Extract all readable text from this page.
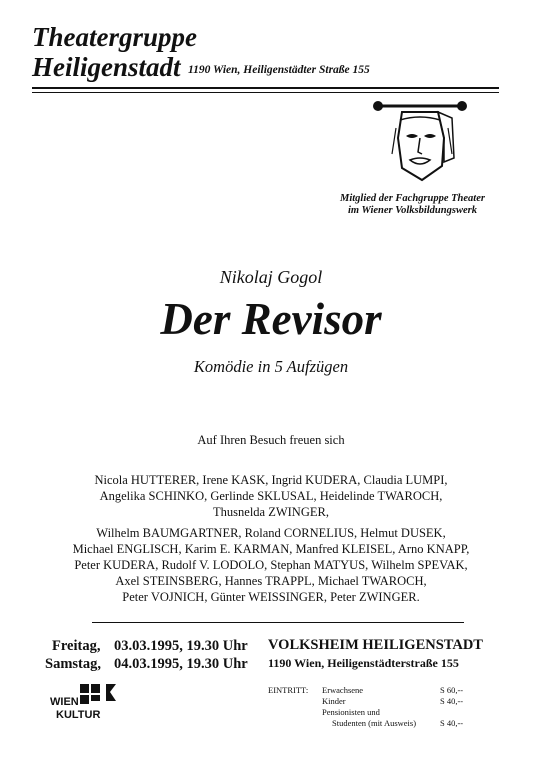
Theatergruppe
Heiligenstadt 1190 Wien, Heiligenstädter Straße 155
Mitglied der Fachgruppe Theater
im Wiener Volksbildungswerk
Nikolaj Gogol
Der Revisor
Komödie in 5 Aufzügen
Auf Ihren Besuch freuen sich
Nicola HUTTERER, Irene KASK, Ingrid KUDERA, Claudia LUMPI,
Angelika SCHINKO, Gerlinde SKLUSAL, Heidelinde TWAROCH,
Thusnelda ZWINGER,
Wilhelm BAUMGARTNER, Roland CORNELIUS, Helmut DUSEK,
Michael ENGLISCH, Karim E. KARMAN, Manfred KLEISEL, Arno KNAPP,
Peter KUDERA, Rudolf V. LODOLO, Stephan MATYUS, Wilhelm SPEVAK,
Axel STEINSBERG, Hannes TRAPPL, Michael TWAROCH,
Peter VOJNICH, Günter WEISSINGER, Peter ZWINGER.
Freitag, 03.03.1995, 19.30 Uhr
Samstag, 04.03.1995, 19.30 Uhr
VOLKSHEIM HEILIGENSTADT
1190 Wien, Heiligenstädterstraße 155
EINTRITT: Erwachsene	S 60,--
Kinder	S 40,--
Pensionisten und
Studenten (mit Ausweis)	S 40,--
WIEN
KULTUR
